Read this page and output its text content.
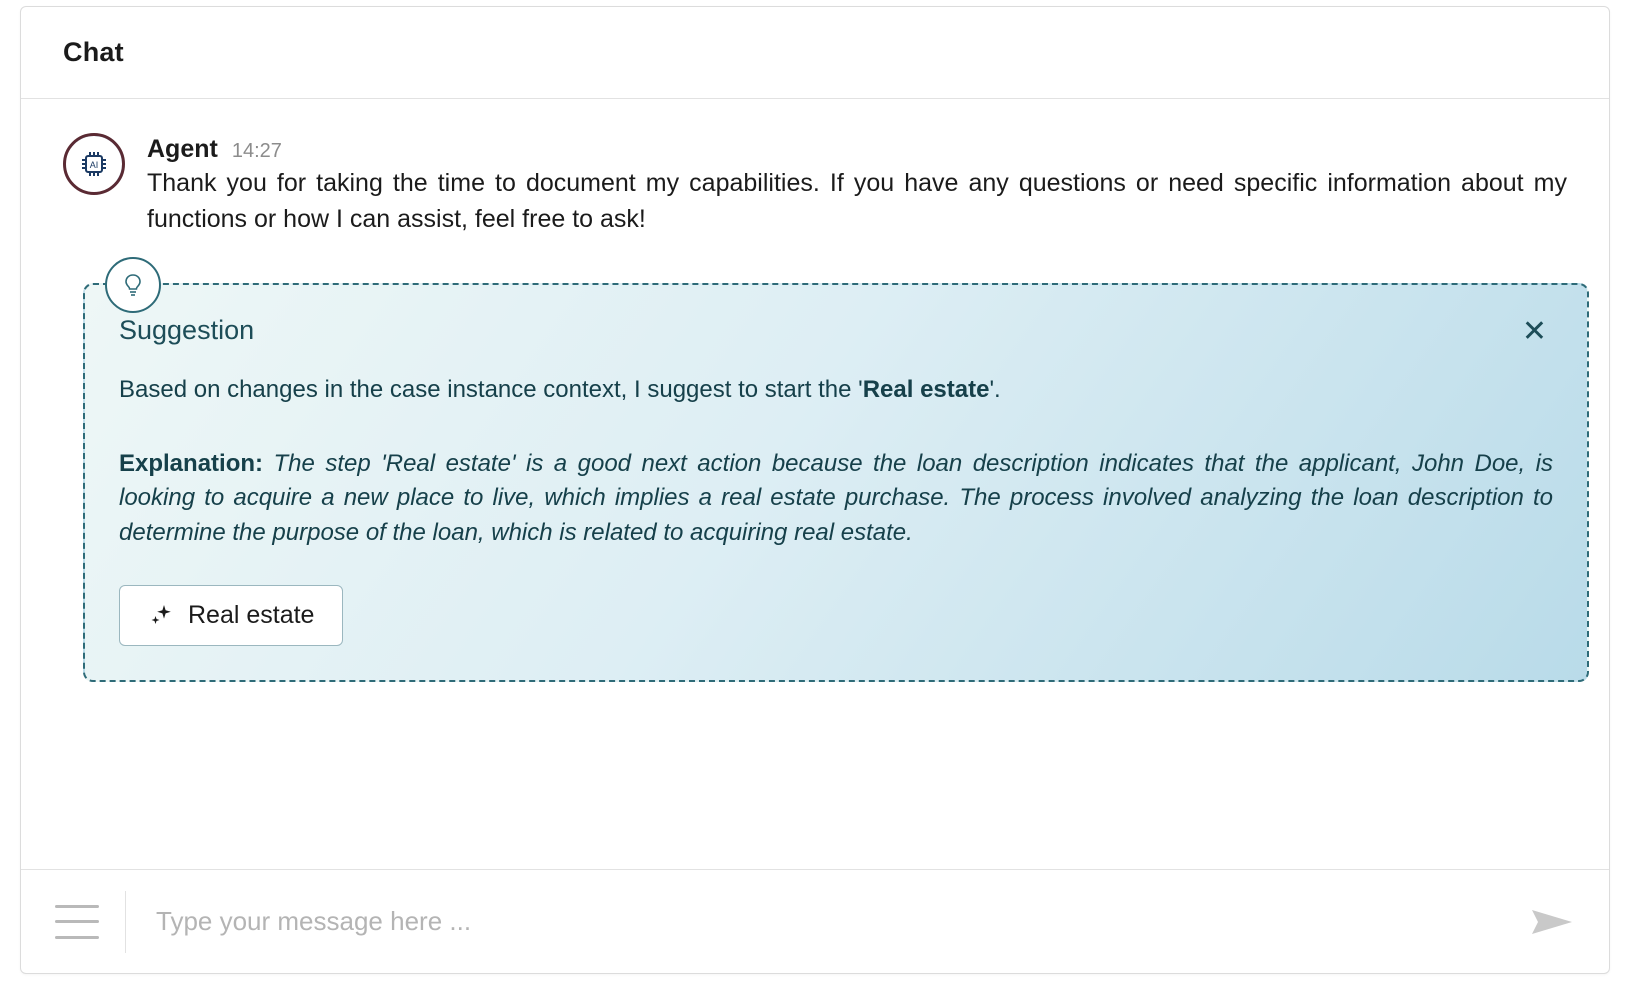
Chat
AI
Agent 14:27
Thank you for taking the time to document my capabilities. If you have any questions or need specific information about my functions or how I can assist, feel free to ask!
Suggestion	✕
Based on changes in the case instance context, I suggest to start the 'Real estate'.
Explanation: The step 'Real estate' is a good next action because the loan description indicates that the applicant, John Doe, is looking to acquire a new place to live, which implies a real estate purchase. The process involved analyzing the loan description to determine the purpose of the loan, which is related to acquiring real estate.
Real estate
Type your message here ...
